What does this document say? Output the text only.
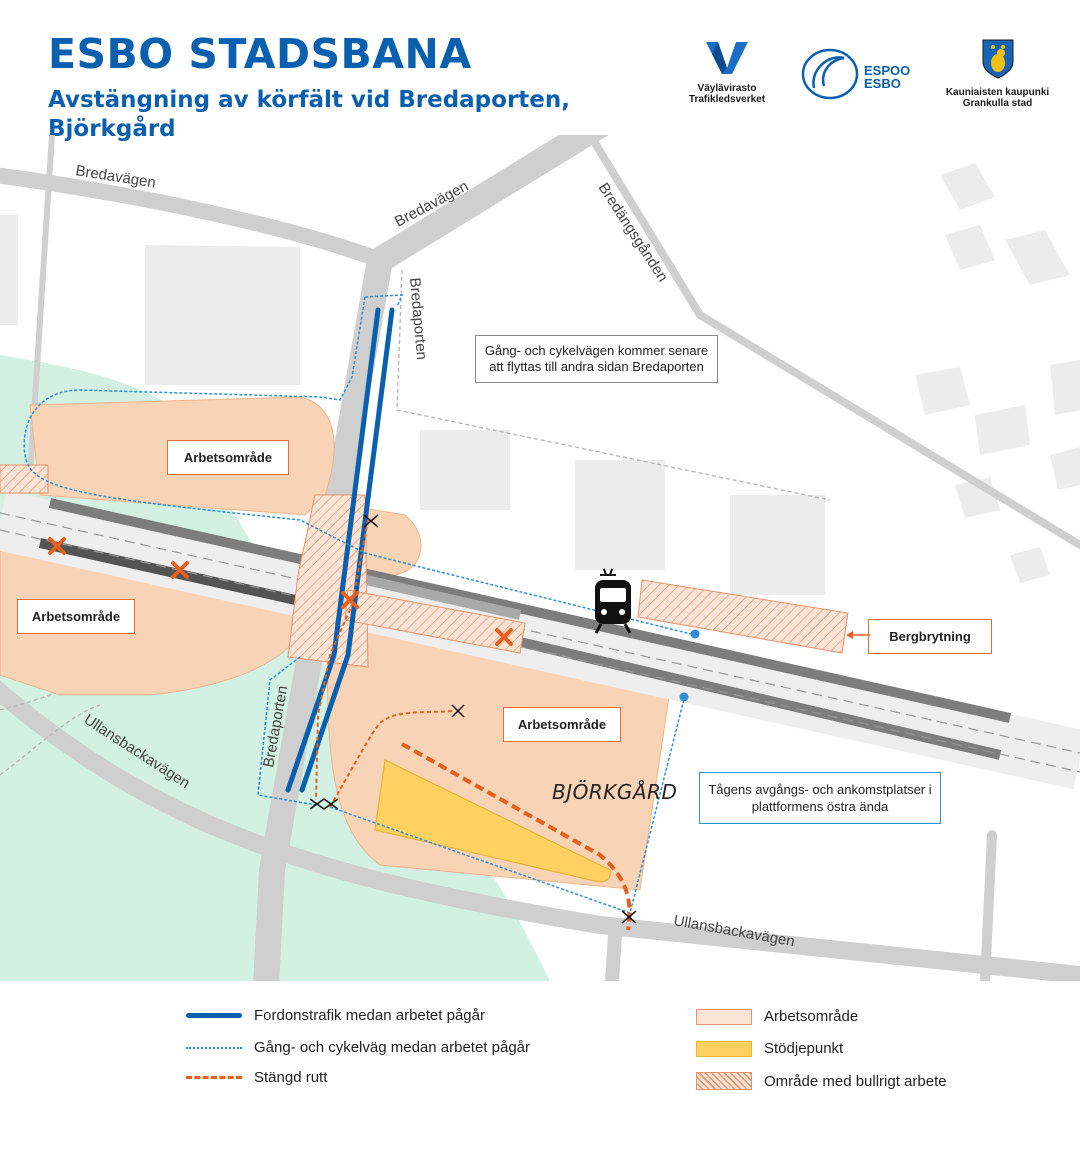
ESBO STADSBANA
Avstängning av körfält vid Bredaporten, Björkgård
Väylävirasto Trafikledsverket
ESPOO ESBO
Kauniaisten kaupunki Grankulla stad
Bredavägen
Bredavägen
Bredaporten
Bredaporten
Bredängsgånden
Ullansbackavägen
Ullansbackavägen
Arbetsområde
Arbetsområde
Arbetsområde
Bergbrytning
Gång- och cykelvägen kommer senare att flyttas till andra sidan Bredaporten
Tågens avgångs- och ankomstplatser i plattformens östra ända
BJÖRKGÅRD
Fordonstrafik medan arbetet pågår
Gång- och cykelväg medan arbetet pågår
Stängd rutt
Arbetsområde
Stödjepunkt
Område med bullrigt arbete
